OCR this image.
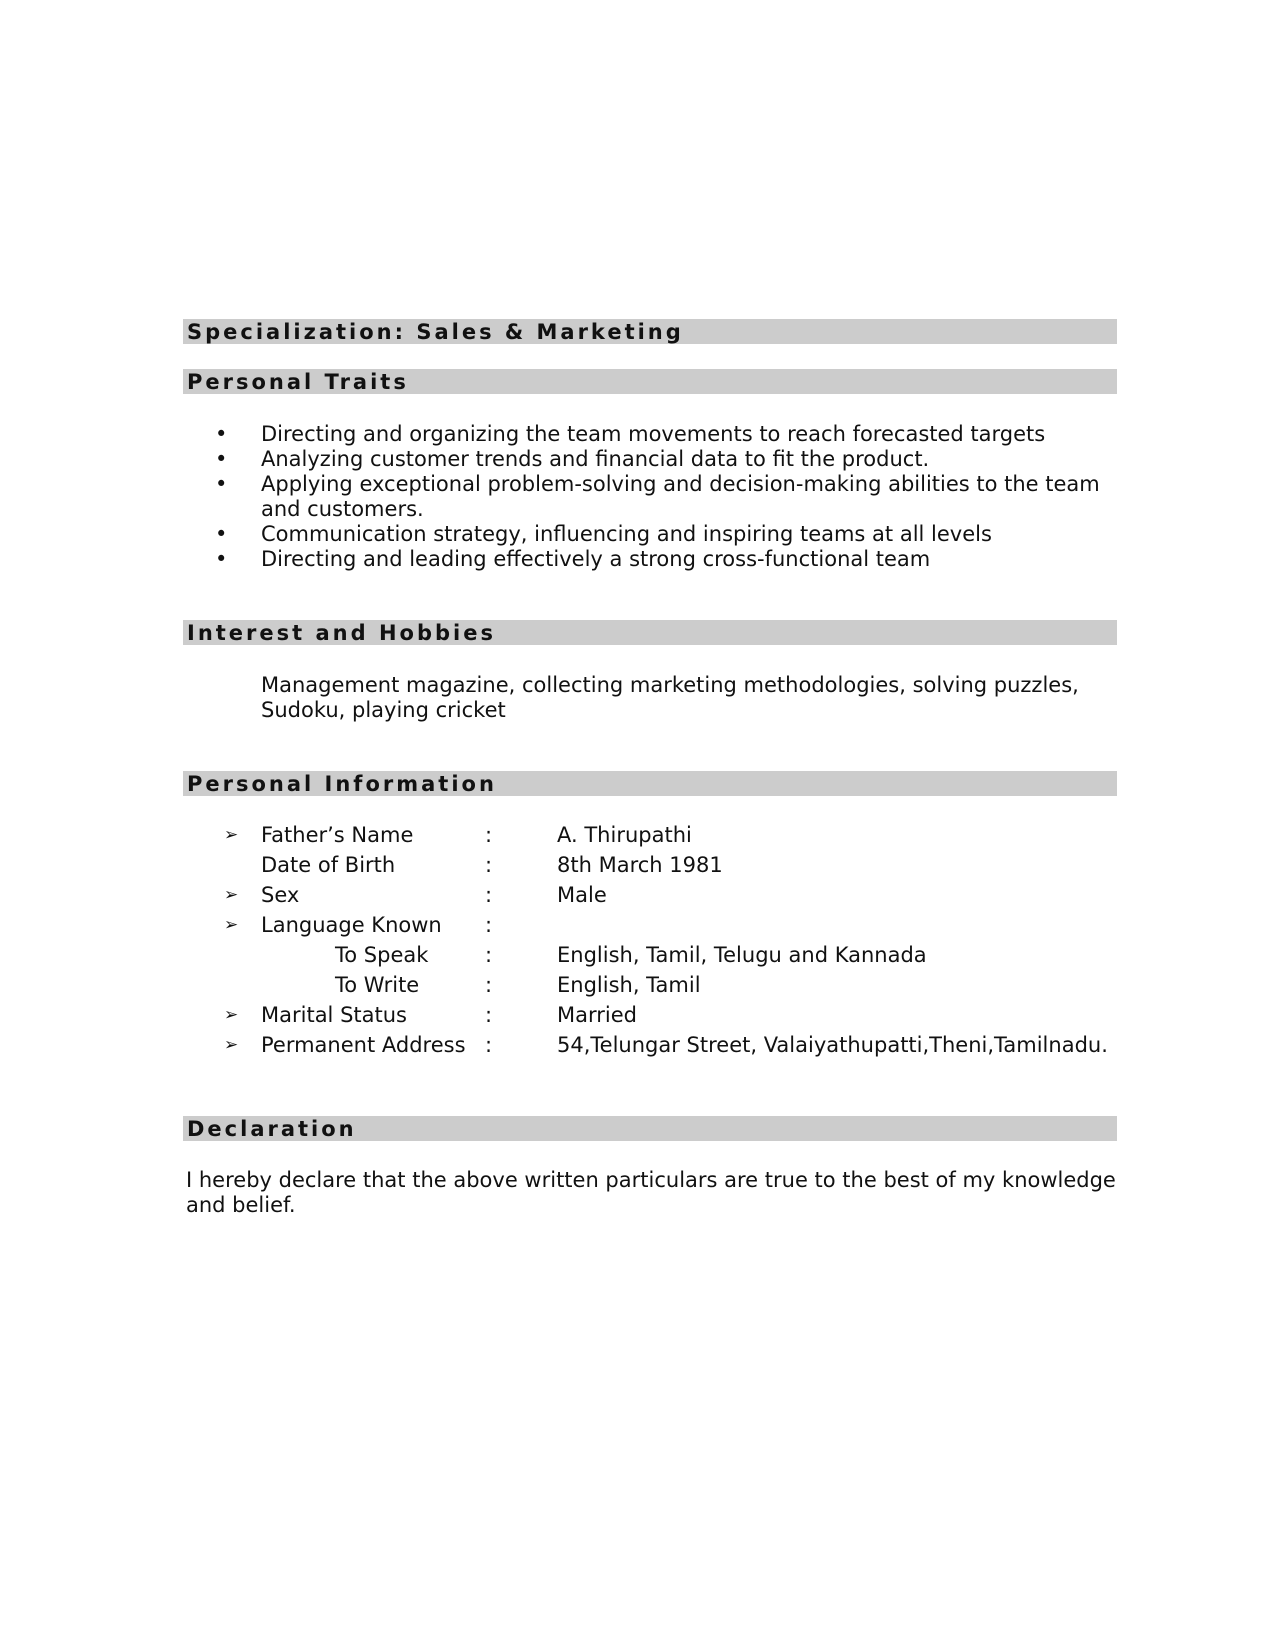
Specialization: Sales & Marketing
Personal Traits
• Directing and organizing the team movements to reach forecasted targets
• Analyzing customer trends and financial data to fit the product.
• Applying exceptional problem-solving and decision-making abilities to the team and customers.
• Communication strategy, influencing and inspiring teams at all levels
• Directing and leading effectively a strong cross-functional team
Interest and Hobbies
Management magazine, collecting marketing methodologies, solving puzzles, Sudoku, playing cricket
Personal Information
➢ Father’s Name	:	A. Thirupathi
Date of Birth	:	8th March 1981
➢ Sex	:	Male
➢ Language Known :
To Speak	:	English, Tamil, Telugu and Kannada
To Write	:	English, Tamil
➢ Marital Status	:	Married
➢ Permanent Address :	54,Telungar Street, Valaiyathupatti,Theni,Tamilnadu.
Declaration

I hereby declare that the above written particulars are true to the best of my knowledge and belief.
